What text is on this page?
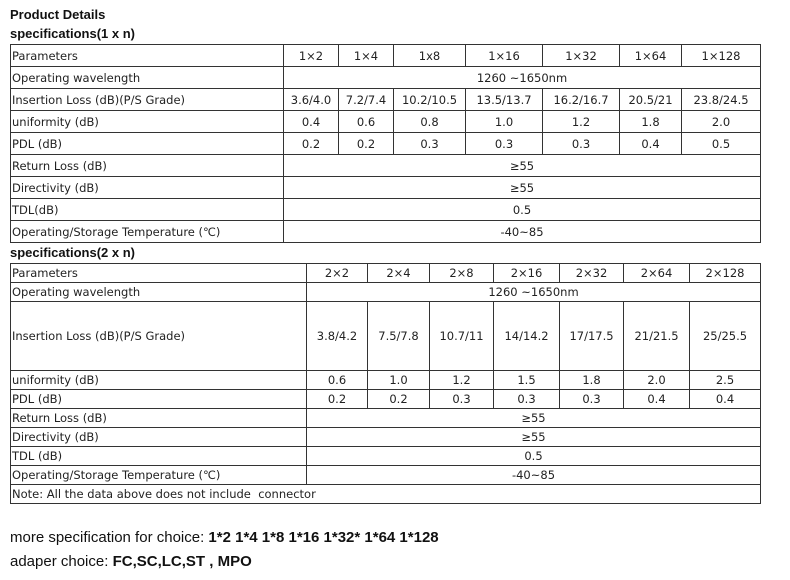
Product Details

specifications(1 x n)

Parameters	1×2	1×4	1x8	1×16	1×32	1×64	1×128
Operating wavelength	1260 ~1650nm						
Insertion Loss (dB)(P/S Grade)	3.6/4.0	7.2/7.4	10.2/10.5	13.5/13.7	16.2/16.7	20.5/21	23.8/24.5
uniformity (dB)	0.4	0.6	0.8	1.0	1.2	1.8	2.0
PDL (dB)	0.2	0.2	0.3	0.3	0.3	0.4	0.5
Return Loss (dB)	≥55						
Directivity (dB)	≥55						
TDL(dB)	0.5						
Operating/Storage Temperature (℃)	-40~85						

specifications(2 x n)

Parameters	2×2	2×4	2×8	2×16	2×32	2×64	2×128
Operating wavelength	1260 ~1650nm						
Insertion Loss (dB)(P/S Grade)	3.8/4.2	7.5/7.8	10.7/11	14/14.2	17/17.5	21/21.5	25/25.5
uniformity (dB)	0.6	1.0	1.2	1.5	1.8	2.0	2.5
PDL (dB)	0.2	0.2	0.3	0.3	0.3	0.4	0.4
Return Loss (dB)	≥55						
Directivity (dB)	≥55						
TDL (dB)	0.5						
Operating/Storage Temperature (℃)	-40~85						
Note: All the data above does not include  connector							

more specification for choice: 1*2 1*4 1*8 1*16 1*32* 1*64 1*128

adaper choice: FC,SC,LC,ST , MPO
